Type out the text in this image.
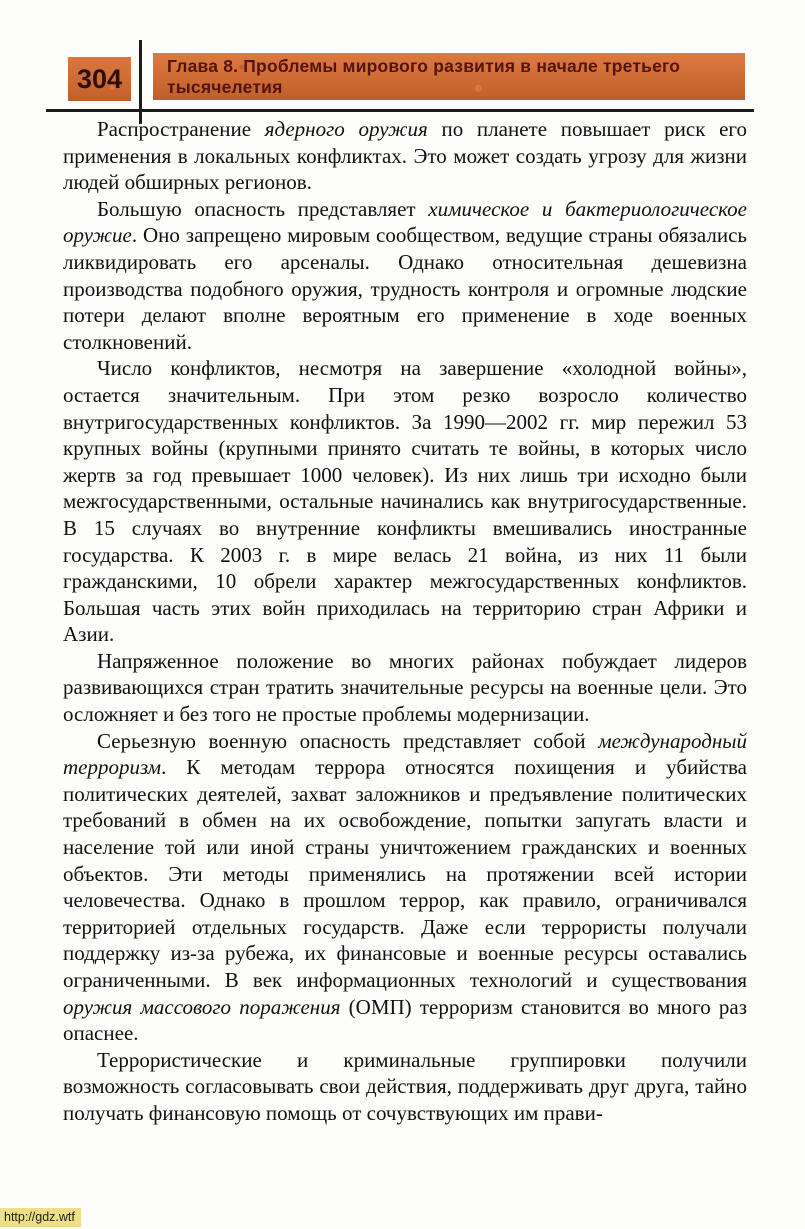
304	Глава 8. Проблемы мирового развития в начале третьего тысячелетия

Распространение ядерного оружия по планете повышает риск его применения в локальных конфликтах. Это может создать угрозу для жизни людей обширных регионов.

Большую опасность представляет химическое и бактериологическое оружие. Оно запрещено мировым сообществом, ведущие страны обязались ликвидировать его арсеналы. Однако относительная дешевизна производства подобного оружия, трудность контроля и огромные людские потери делают вполне вероятным его применение в ходе военных столкновений.

Число конфликтов, несмотря на завершение «холодной войны», остается значительным. При этом резко возросло количество внутригосударственных конфликтов. За 1990—2002 гг. мир пережил 53 крупных войны (крупными принято считать те войны, в которых число жертв за год превышает 1000 человек). Из них лишь три исходно были межгосударственными, остальные начинались как внутригосударственные. В 15 случаях во внутренние конфликты вмешивались иностранные государства. К 2003 г. в мире велась 21 война, из них 11 были гражданскими, 10 обрели характер межгосударственных конфликтов. Большая часть этих войн приходилась на территорию стран Африки и Азии.

Напряженное положение во многих районах побуждает лидеров развивающихся стран тратить значительные ресурсы на военные цели. Это осложняет и без того не простые проблемы модернизации.

Серьезную военную опасность представляет собой международный терроризм. К методам террора относятся похищения и убийства политических деятелей, захват заложников и предъявление политических требований в обмен на их освобождение, попытки запугать власти и население той или иной страны уничтожением гражданских и военных объектов. Эти методы применялись на протяжении всей истории человечества. Однако в прошлом террор, как правило, ограничивался территорией отдельных государств. Даже если террористы получали поддержку из-за рубежа, их финансовые и военные ресурсы оставались ограниченными. В век информационных технологий и существования оружия массового поражения (ОМП) терроризм становится во много раз опаснее.

Террористические и криминальные группировки получили возможность согласовывать свои действия, поддерживать друг друга, тайно получать финансовую помощь от сочувствующих им прави-

http://gdz.wtf
